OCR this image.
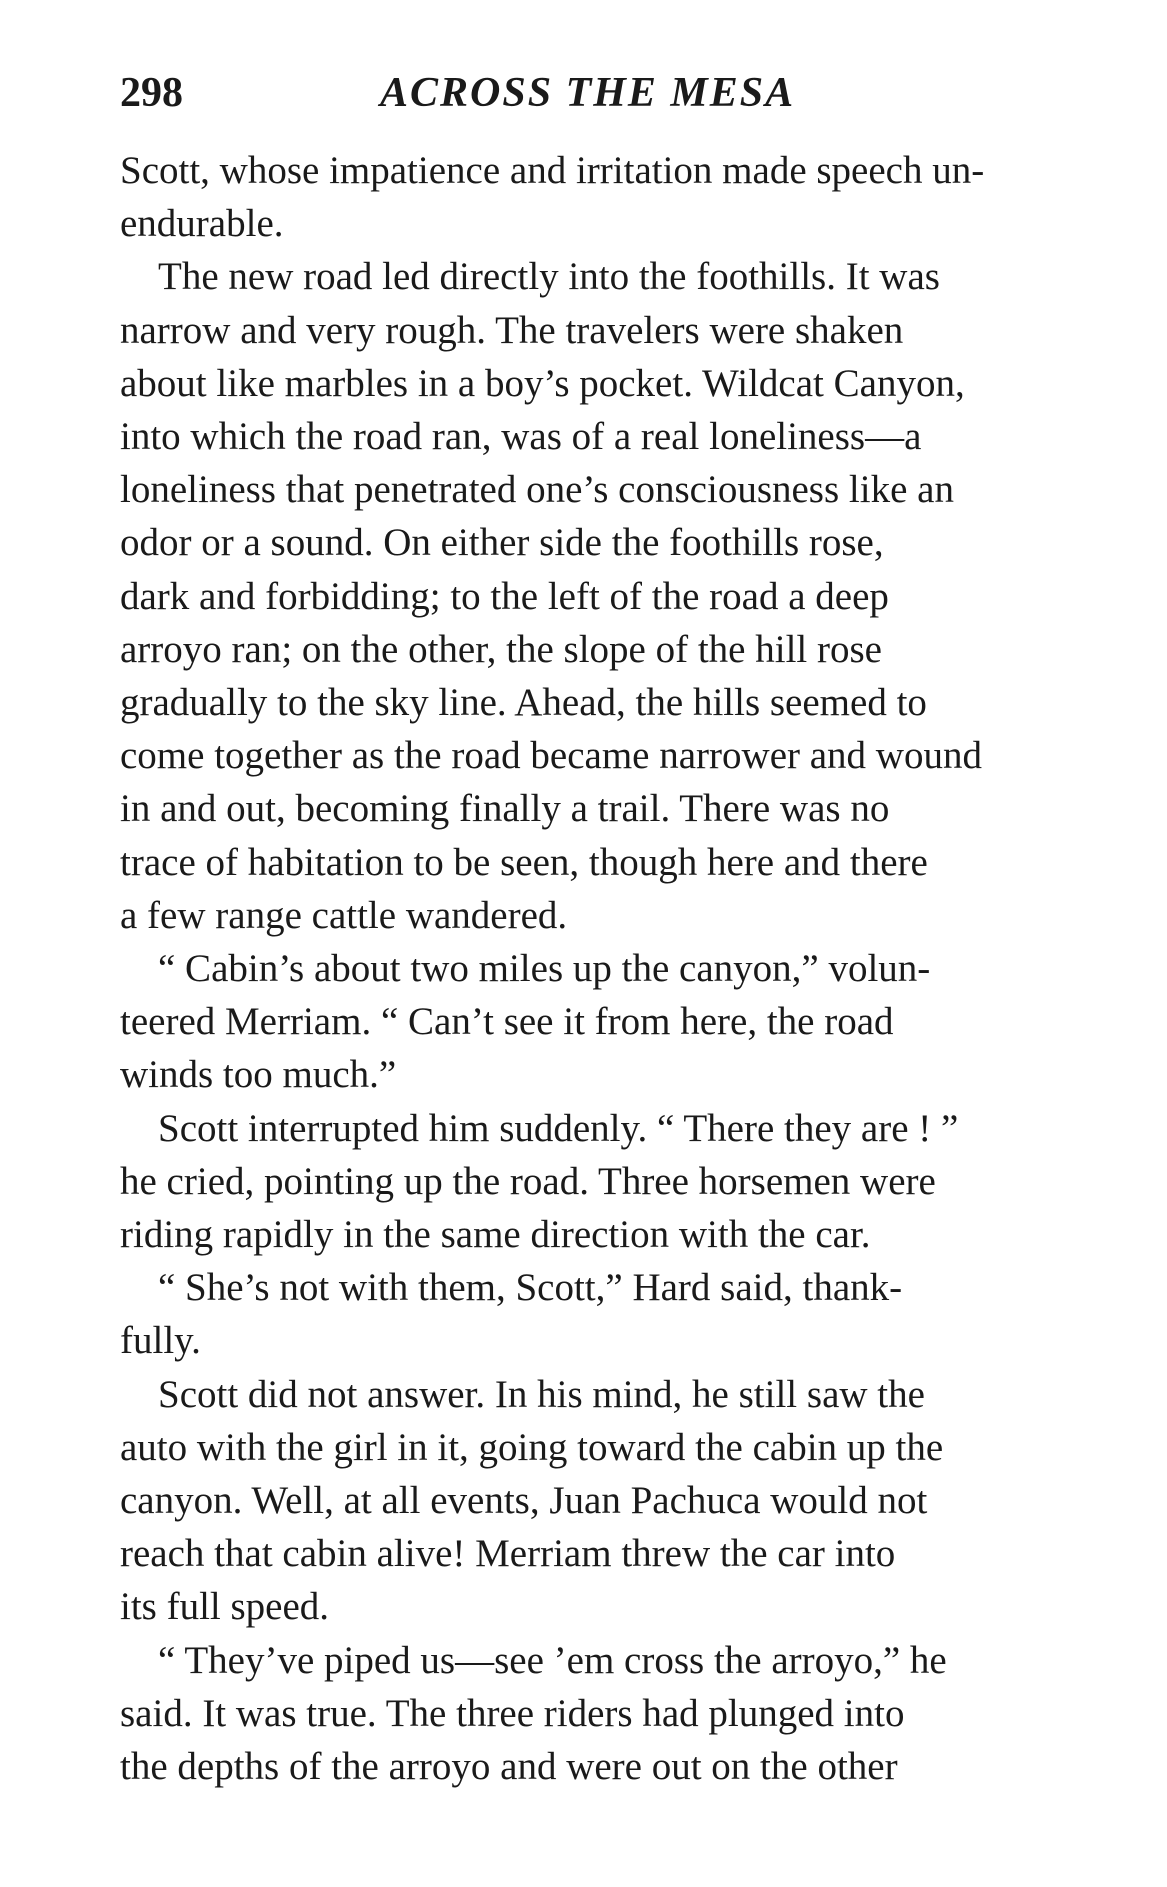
298	ACROSS THE MESA

Scott, whose impatience and irritation made speech un-
endurable.

The new road led directly into the foothills. It was
narrow and very rough. The travelers were shaken
about like marbles in a boy’s pocket. Wildcat Canyon,
into which the road ran, was of a real loneliness—a
loneliness that penetrated one’s consciousness like an
odor or a sound. On either side the foothills rose,
dark and forbidding; to the left of the road a deep
arroyo ran; on the other, the slope of the hill rose
gradually to the sky line. Ahead, the hills seemed to
come together as the road became narrower and wound
in and out, becoming finally a trail. There was no
trace of habitation to be seen, though here and there
a few range cattle wandered.

“ Cabin’s about two miles up the canyon,” volun-
teered Merriam. “ Can’t see it from here, the road
winds too much.”

Scott interrupted him suddenly. “ There they are ! ”
he cried, pointing up the road. Three horsemen were
riding rapidly in the same direction with the car.

“ She’s not with them, Scott,” Hard said, thank-
fully.

Scott did not answer. In his mind, he still saw the
auto with the girl in it, going toward the cabin up the
canyon. Well, at all events, Juan Pachuca would not
reach that cabin alive! Merriam threw the car into
its full speed.

“ They’ve piped us—see ’em cross the arroyo,” he
said. It was true. The three riders had plunged into
the depths of the arroyo and were out on the other
